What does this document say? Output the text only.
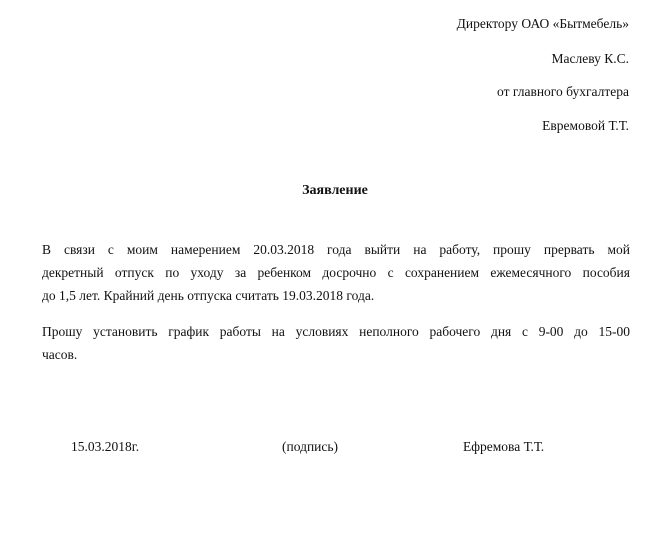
Директору ОАО «Бытмебель»
Маслеву К.С.
от главного бухгалтера
Евремовой Т.Т.
Заявление
В связи с моим намерением 20.03.2018 года выйти на работу, прошу прервать мой
декретный отпуск по уходу за ребенком досрочно с сохранением ежемесячного пособия
до 1,5 лет. Крайний день отпуска считать 19.03.2018 года.
Прошу установить график работы на условиях неполного рабочего дня с 9-00 до 15-00
часов.
15.03.2018г.	(подпись)	Ефремова Т.Т.
